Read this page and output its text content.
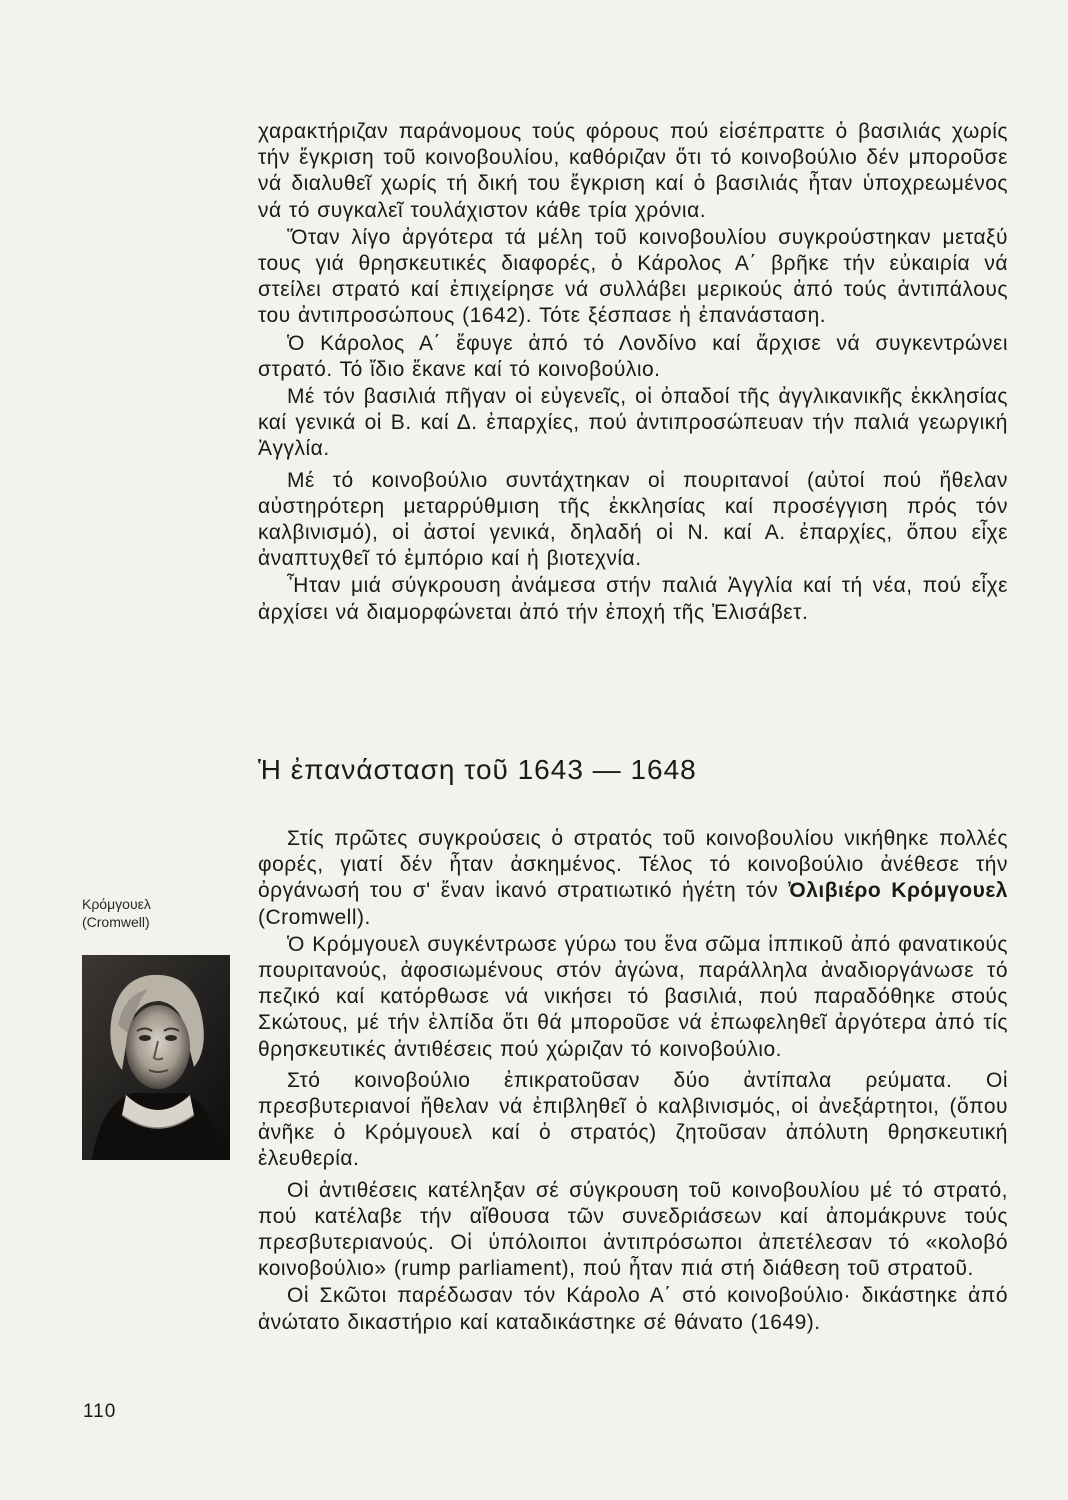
χαρακτήριζαν παράνομους τούς φόρους πού εἰσέπραττε ὁ βασιλιάς χωρίς τήν ἔγκριση τοῦ κοινοβουλίου, καθόριζαν ὅτι τό κοινοβούλιο δέν μποροῦσε νά διαλυθεῖ χωρίς τή δική του ἔγκριση καί ὁ βασιλιάς ἦταν ὑποχρεωμένος νά τό συγκαλεῖ τουλάχιστον κάθε τρία χρόνια.

Ὅταν λίγο ἀργότερα τά μέλη τοῦ κοινοβουλίου συγκρούστηκαν μεταξύ τους γιά θρησκευτικές διαφορές, ὁ Κάρολος Α΄ βρῆκε τήν εὐκαιρία νά στείλει στρατό καί ἐπιχείρησε νά συλλάβει μερικούς ἀπό τούς ἀντιπάλους του ἀντιπροσώπους (1642). Τότε ξέσπασε ἡ ἐπανάσταση.

Ὁ Κάρολος Α΄ ἔφυγε ἀπό τό Λονδίνο καί ἄρχισε νά συγκεντρώνει στρατό. Τό ἴδιο ἔκανε καί τό κοινοβούλιο.

Μέ τόν βασιλιά πῆγαν οἱ εὐγενεῖς, οἱ ὀπαδοί τῆς ἀγγλικανικῆς ἐκκλησίας καί γενικά οἱ Β. καί Δ. ἐπαρχίες, πού ἀντιπροσώπευαν τήν παλιά γεωργική Ἀγγλία.

Μέ τό κοινοβούλιο συντάχτηκαν οἱ πουριτανοί (αὐτοί πού ἤθελαν αὐστηρότερη μεταρρύθμιση τῆς ἐκκλησίας καί προσέγγιση πρός τόν καλβινισμό), οἱ ἀστοί γενικά, δηλαδή οἱ Ν. καί Α. ἐπαρχίες, ὅπου εἶχε ἀναπτυχθεῖ τό ἐμπόριο καί ἡ βιοτεχνία.

Ἦταν μιά σύγκρουση ἀνάμεσα στήν παλιά Ἀγγλία καί τή νέα, πού εἶχε ἀρχίσει νά διαμορφώνεται ἀπό τήν ἐποχή τῆς Ἐλισάβετ.

Ἡ ἐπανάσταση τοῦ 1643 — 1648

Στίς πρῶτες συγκρούσεις ὁ στρατός τοῦ κοινοβουλίου νικήθηκε πολλές φορές, γιατί δέν ἦταν ἀσκημένος. Τέλος τό κοινοβούλιο ἀνέθεσε τήν ὀργάνωσή του σ' ἕναν ἱκανό στρατιωτικό ἡγέτη τόν Ὀλιβιέρο Κρόμγουελ (Cromwell).

Ὁ Κρόμγουελ συγκέντρωσε γύρω του ἕνα σῶμα ἱππικοῦ ἀπό φανατικούς πουριτανούς, ἀφοσιωμένους στόν ἀγώνα, παράλληλα ἀναδιοργάνωσε τό πεζικό καί κατόρθωσε νά νικήσει τό βασιλιά, πού παραδόθηκε στούς Σκώτους, μέ τήν ἐλπίδα ὅτι θά μποροῦσε νά ἐπωφεληθεῖ ἀργότερα ἀπό τίς θρησκευτικές ἀντιθέσεις πού χώριζαν τό κοινοβούλιο.

Στό κοινοβούλιο ἐπικρατοῦσαν δύο ἀντίπαλα ρεύματα. Οἱ πρεσβυτεριανοί ἤθελαν νά ἐπιβληθεῖ ὁ καλβινισμός, οἱ ἀνεξάρτητοι, (ὅπου ἀνῆκε ὁ Κρόμγουελ καί ὁ στρατός) ζητοῦσαν ἀπόλυτη θρησκευτική ἐλευθερία.

Οἱ ἀντιθέσεις κατέληξαν σέ σύγκρουση τοῦ κοινοβουλίου μέ τό στρατό, πού κατέλαβε τήν αἴθουσα τῶν συνεδριάσεων καί ἀπομάκρυνε τούς πρεσβυτεριανούς. Οἱ ὑπόλοιποι ἀντιπρόσωποι ἀπετέλεσαν τό «κολοβό κοινοβούλιο» (rump parliament), πού ἦταν πιά στή διάθεση τοῦ στρατοῦ.

Οἱ Σκῶτοι παρέδωσαν τόν Κάρολο Α΄ στό κοινοβούλιο· δικάστηκε ἀπό ἀνώτατο δικαστήριο καί καταδικάστηκε σέ θάνατο (1649).

Κρόμγουελ
(Cromwell)
110
